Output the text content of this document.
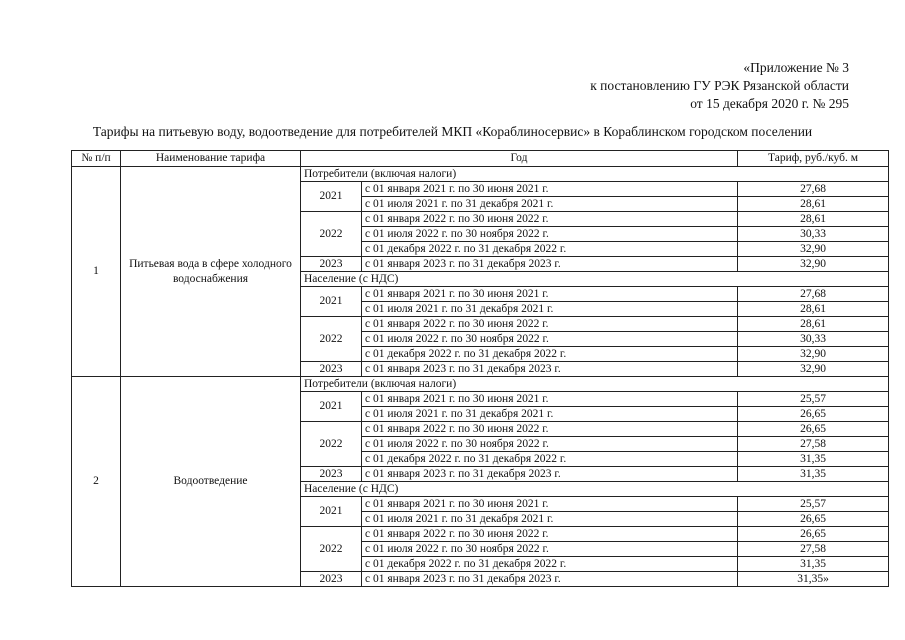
«Приложение № 3
к постановлению ГУ РЭК Рязанской области
от 15 декабря 2020 г. № 295
Тарифы на питьевую воду, водоотведение для потребителей МКП «Кораблиносервис» в Кораблинском городском поселении
№ п/п	Наименование тарифа	Год		Тариф, руб./куб. м
1	Питьевая вода в сфере холодного водоснабжения	Потребители (включая налоги)		
		2021	с 01 января 2021 г. по 30 июня 2021 г.	27,68
			с 01 июля 2021 г. по 31 декабря 2021 г.	28,61
		2022	с 01 января 2022 г. по 30 июня 2022 г.	28,61
			с 01 июля 2022 г. по 30 ноября 2022 г.	30,33
			с 01 декабря 2022 г. по 31 декабря 2022 г.	32,90
		2023	с 01 января 2023 г. по 31 декабря 2023 г.	32,90
		Население (с НДС)		
		2021	с 01 января 2021 г. по 30 июня 2021 г.	27,68
			с 01 июля 2021 г. по 31 декабря 2021 г.	28,61
		2022	с 01 января 2022 г. по 30 июня 2022 г.	28,61
			с 01 июля 2022 г. по 30 ноября 2022 г.	30,33
			с 01 декабря 2022 г. по 31 декабря 2022 г.	32,90
		2023	с 01 января 2023 г. по 31 декабря 2023 г.	32,90
2	Водоотведение	Потребители (включая налоги)		
		2021	с 01 января 2021 г. по 30 июня 2021 г.	25,57
			с 01 июля 2021 г. по 31 декабря 2021 г.	26,65
		2022	с 01 января 2022 г. по 30 июня 2022 г.	26,65
			с 01 июля 2022 г. по 30 ноября 2022 г.	27,58
			с 01 декабря 2022 г. по 31 декабря 2022 г.	31,35
		2023	с 01 января 2023 г. по 31 декабря 2023 г.	31,35
		Население (с НДС)		
		2021	с 01 января 2021 г. по 30 июня 2021 г.	25,57
			с 01 июля 2021 г. по 31 декабря 2021 г.	26,65
		2022	с 01 января 2022 г. по 30 июня 2022 г.	26,65
			с 01 июля 2022 г. по 30 ноября 2022 г.	27,58
			с 01 декабря 2022 г. по 31 декабря 2022 г.	31,35
		2023	с 01 января 2023 г. по 31 декабря 2023 г.	31,35»
